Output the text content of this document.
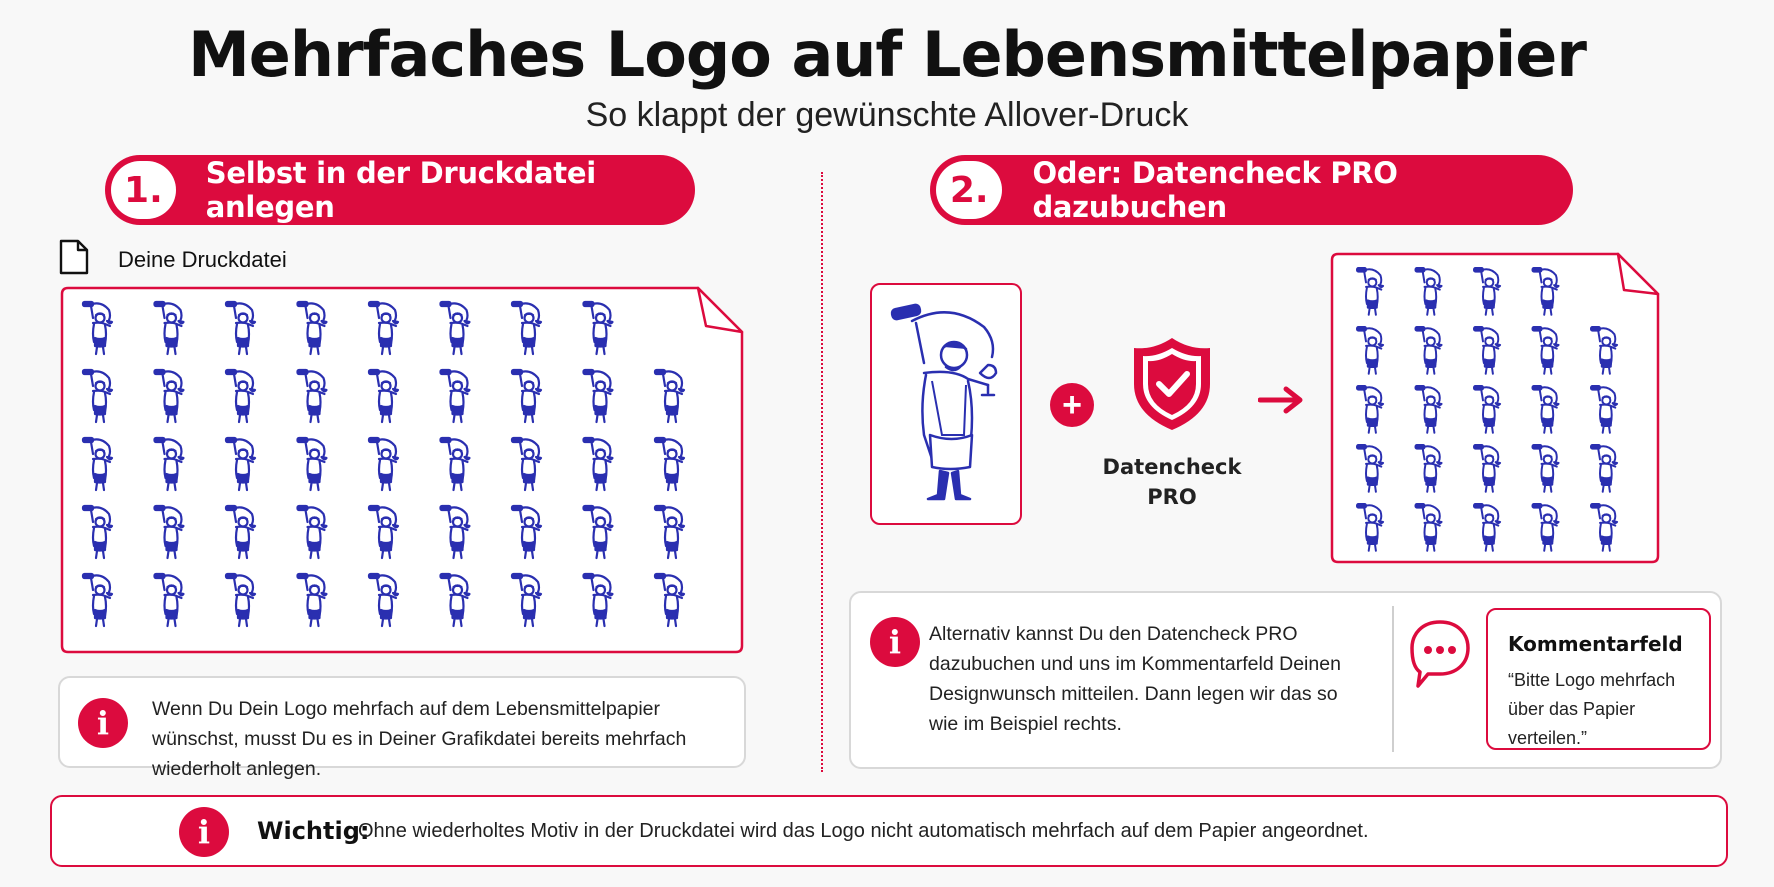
Mehrfaches Logo auf Lebensmittelpapier
So klappt der gewünschte Allover-Druck
1.	Selbst in der Druckdatei anlegen
Deine Druckdatei
i	Wenn Du Dein Logo mehrfach auf dem Lebensmittelpapier wünschst, musst Du es in Deiner Grafikdatei bereits mehrfach wiederholt anlegen.
2.	Oder: Datencheck PRO dazubuchen
+
Datencheck PRO
i	Alternativ kannst Du den Datencheck PRO dazubuchen und uns im Kommentarfeld Deinen Designwunsch mitteilen. Dann legen wir das so wie im Beispiel rechts.
Kommentarfeld
“Bitte Logo mehrfach über das Papier verteilen.”
i	Wichtig:
Ohne wiederholtes Motiv in der Druckdatei wird das Logo nicht automatisch mehrfach auf dem Papier angeordnet.
